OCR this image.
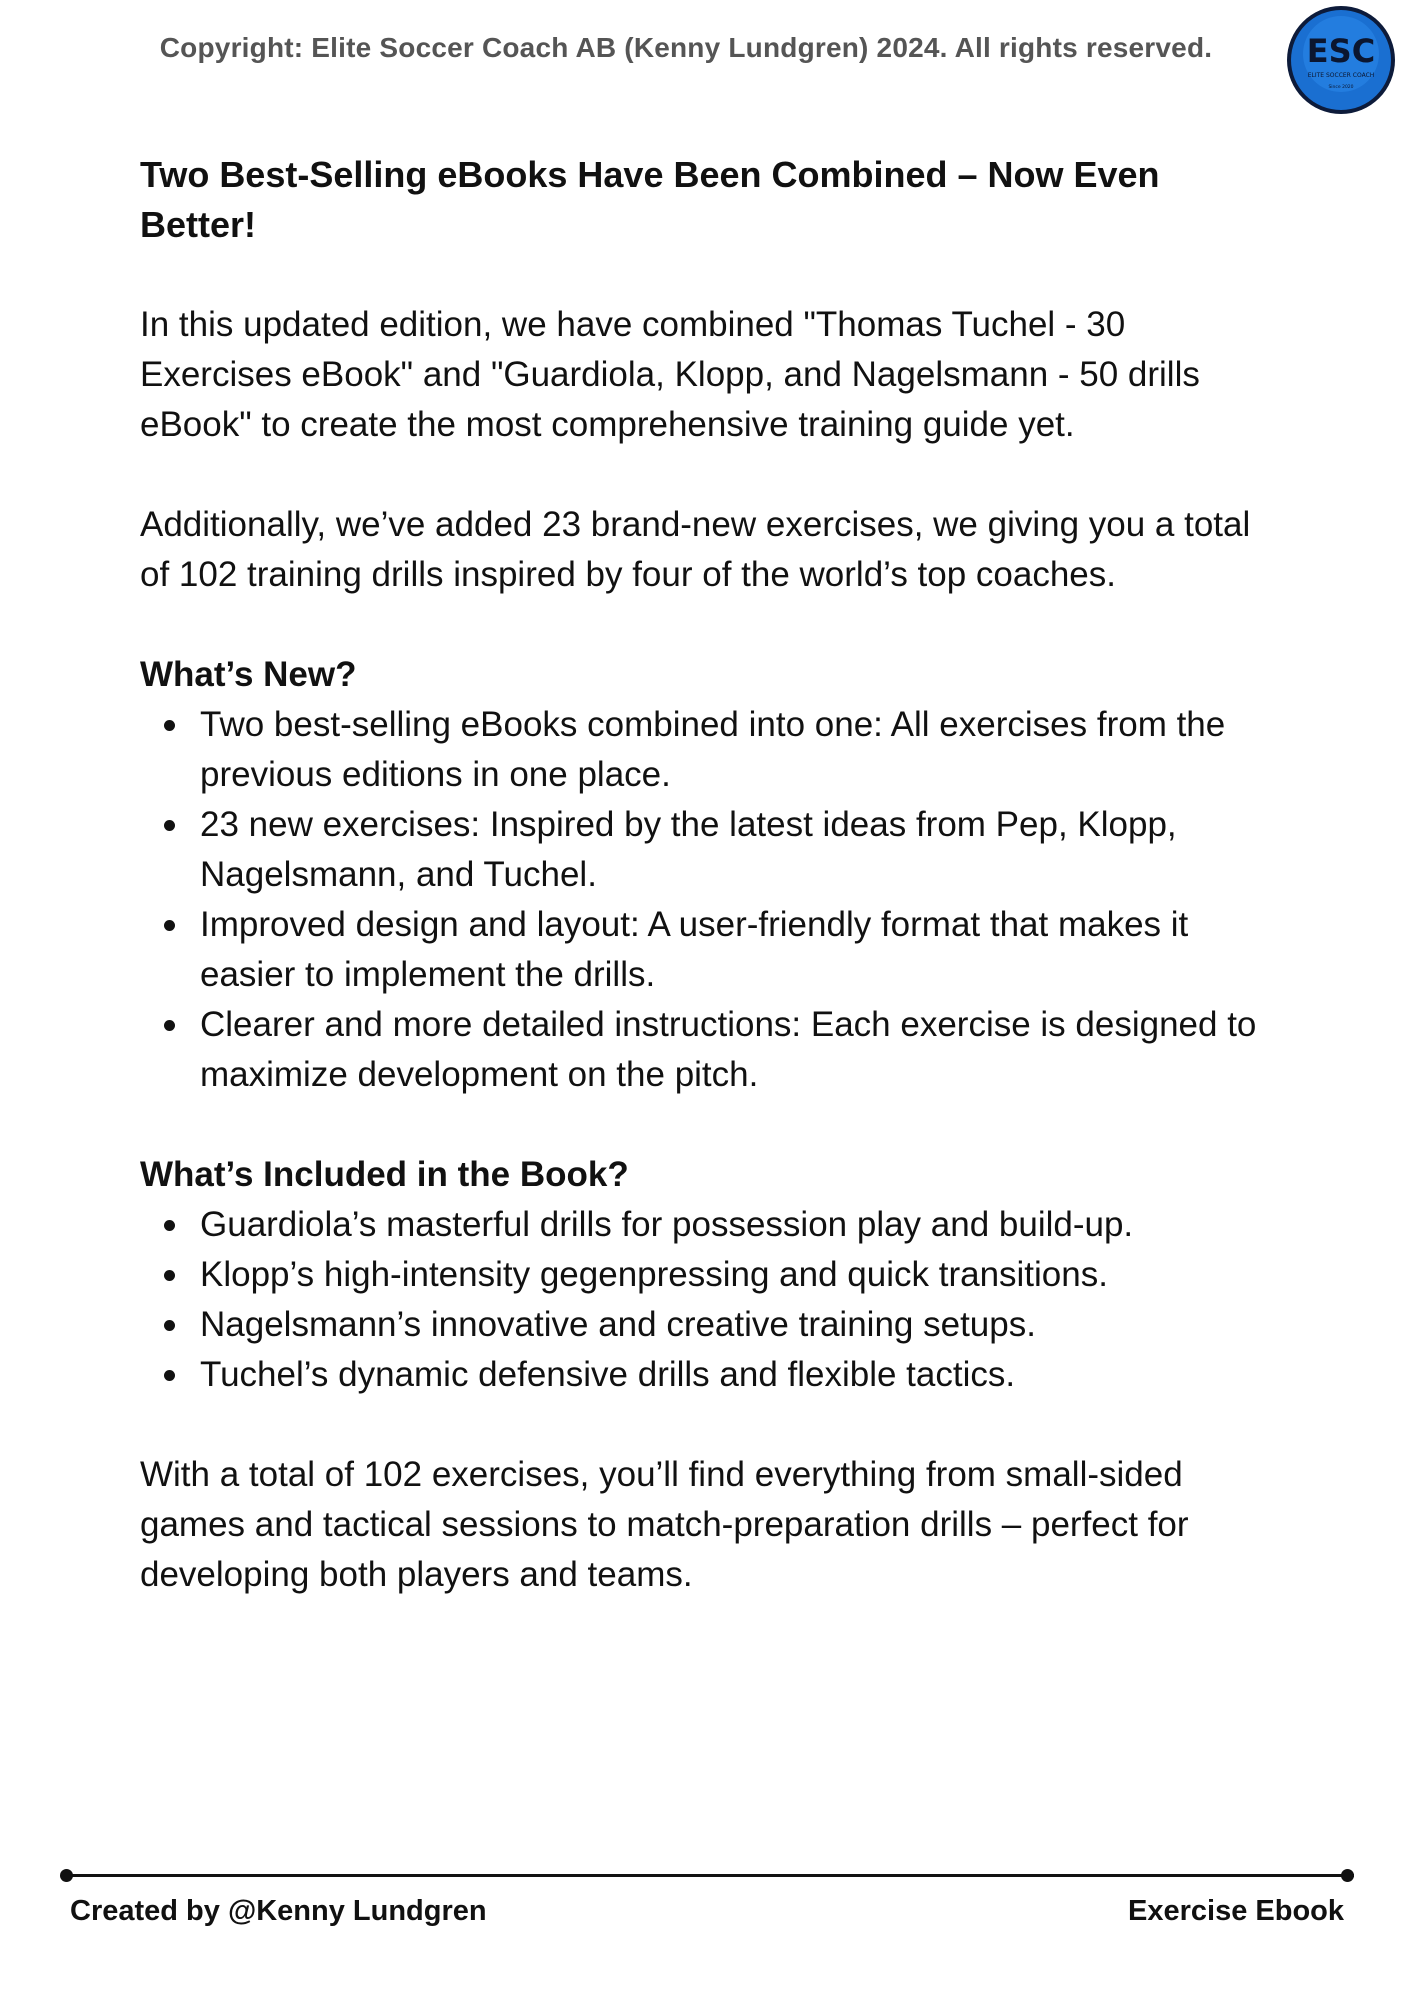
Copyright: Elite Soccer Coach AB (Kenny Lundgren) 2024. All rights reserved.	ESC
ELITE SOCCER COACH
Since 2020

Two Best-Selling eBooks Have Been Combined – Now Even Better!

In this updated edition, we have combined "Thomas Tuchel - 30 Exercises eBook" and "Guardiola, Klopp, and Nagelsmann - 50 drills eBook" to create the most comprehensive training guide yet.

Additionally, we’ve added 23 brand-new exercises, we giving you a total of 102 training drills inspired by four of the world’s top coaches.

What’s New?

Two best-selling eBooks combined into one: All exercises from the previous editions in one place.
23 new exercises: Inspired by the latest ideas from Pep, Klopp, Nagelsmann, and Tuchel.
Improved design and layout: A user-friendly format that makes it easier to implement the drills.
Clearer and more detailed instructions: Each exercise is designed to maximize development on the pitch.

What’s Included in the Book?

Guardiola’s masterful drills for possession play and build-up.
Klopp’s high-intensity gegenpressing and quick transitions.
Nagelsmann’s innovative and creative training setups.
Tuchel’s dynamic defensive drills and flexible tactics.

With a total of 102 exercises, you’ll find everything from small-sided games and tactical sessions to match-preparation drills – perfect for developing both players and teams.

Created by @Kenny Lundgren	Exercise Ebook
